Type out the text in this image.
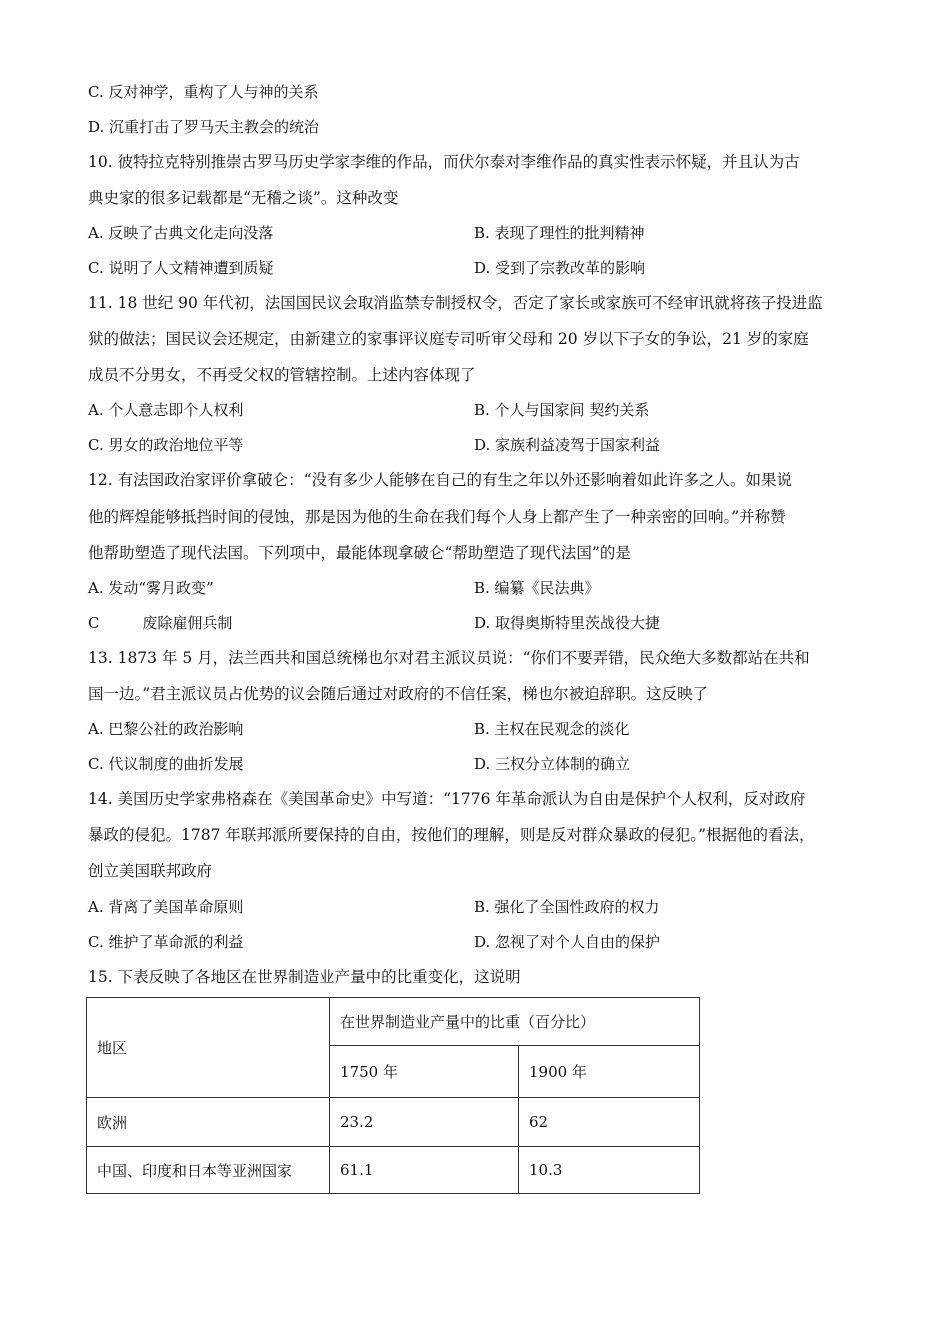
C. 反对神学，重构了人与神的关系
D. 沉重打击了罗马天主教会的统治
10. 彼特拉克特别推崇古罗马历史学家李维的作品，而伏尔泰对李维作品的真实性表示怀疑，并且认为古
典史家的很多记载都是“无稽之谈”。这种改变
A. 反映了古典文化走向没落	B. 表现了理性的批判精神
C. 说明了人文精神遭到质疑	D. 受到了宗教改革的影响
11. 18 世纪 90 年代初，法国国民议会取消监禁专制授权令，否定了家长或家族可不经审讯就将孩子投进监
狱的做法；国民议会还规定，由新建立的家事评议庭专司听审父母和 20 岁以下子女的争讼，21 岁的家庭
成员不分男女，不再受父权的管辖控制。上述内容体现了
A. 个人意志即个人权利	B. 个人与国家间 契约关系
C. 男女的政治地位平等	D. 家族利益凌驾于国家利益
12. 有法国政治家评价拿破仑：“没有多少人能够在自己的有生之年以外还影响着如此许多之人。如果说
他的辉煌能够抵挡时间的侵蚀，那是因为他的生命在我们每个人身上都产生了一种亲密的回响。”并称赞
他帮助塑造了现代法国。下列项中，最能体现拿破仑“帮助塑造了现代法国”的是
A. 发动“雾月政变”	B. 编纂《民法典》
C         废除雇佣兵制	D. 取得奥斯特里茨战役大捷
13. 1873 年 5 月，法兰西共和国总统梯也尔对君主派议员说：“你们不要弄错，民众绝大多数都站在共和
国一边。”君主派议员占优势的议会随后通过对政府的不信任案，梯也尔被迫辞职。这反映了
A. 巴黎公社的政治影响	B. 主权在民观念的淡化
C. 代议制度的曲折发展	D. 三权分立体制的确立
14. 美国历史学家弗格森在《美国革命史》中写道：“1776 年革命派认为自由是保护个人权利，反对政府
暴政的侵犯。1787 年联邦派所要保持的自由，按他们的理解，则是反对群众暴政的侵犯。”根据他的看法，
创立美国联邦政府
A. 背离了美国革命原则	B. 强化了全国性政府的权力
C. 维护了革命派的利益	D. 忽视了对个人自由的保护
15. 下表反映了各地区在世界制造业产量中的比重变化，这说明
地区	在世界制造业产量中的比重（百分比）	
	1750 年	1900 年
欧洲	23.2	62
中国、印度和日本等亚洲国家	61.1	10.3
